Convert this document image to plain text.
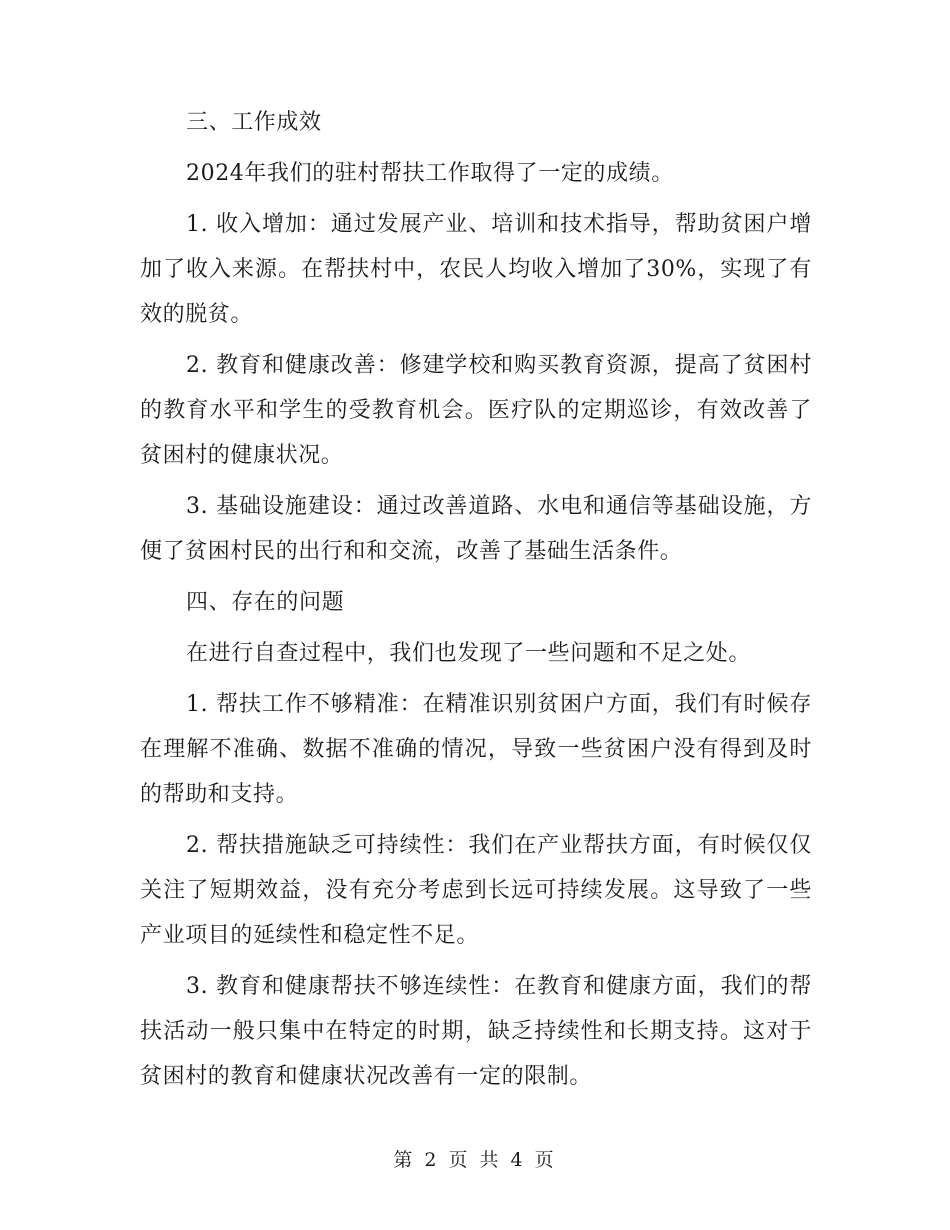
三、工作成效

2024年我们的驻村帮扶工作取得了一定的成绩。

1. 收入增加：通过发展产业、培训和技术指导，帮助贫困户增加了收入来源。在帮扶村中，农民人均收入增加了30%，实现了有效的脱贫。

2. 教育和健康改善：修建学校和购买教育资源，提高了贫困村的教育水平和学生的受教育机会。医疗队的定期巡诊，有效改善了贫困村的健康状况。

3. 基础设施建设：通过改善道路、水电和通信等基础设施，方便了贫困村民的出行和和交流，改善了基础生活条件。

四、存在的问题

在进行自查过程中，我们也发现了一些问题和不足之处。

1. 帮扶工作不够精准：在精准识别贫困户方面，我们有时候存在理解不准确、数据不准确的情况，导致一些贫困户没有得到及时的帮助和支持。

2. 帮扶措施缺乏可持续性：我们在产业帮扶方面，有时候仅仅关注了短期效益，没有充分考虑到长远可持续发展。这导致了一些产业项目的延续性和稳定性不足。

3. 教育和健康帮扶不够连续性：在教育和健康方面，我们的帮扶活动一般只集中在特定的时期，缺乏持续性和长期支持。这对于贫困村的教育和健康状况改善有一定的限制。

第 2 页 共 4 页
